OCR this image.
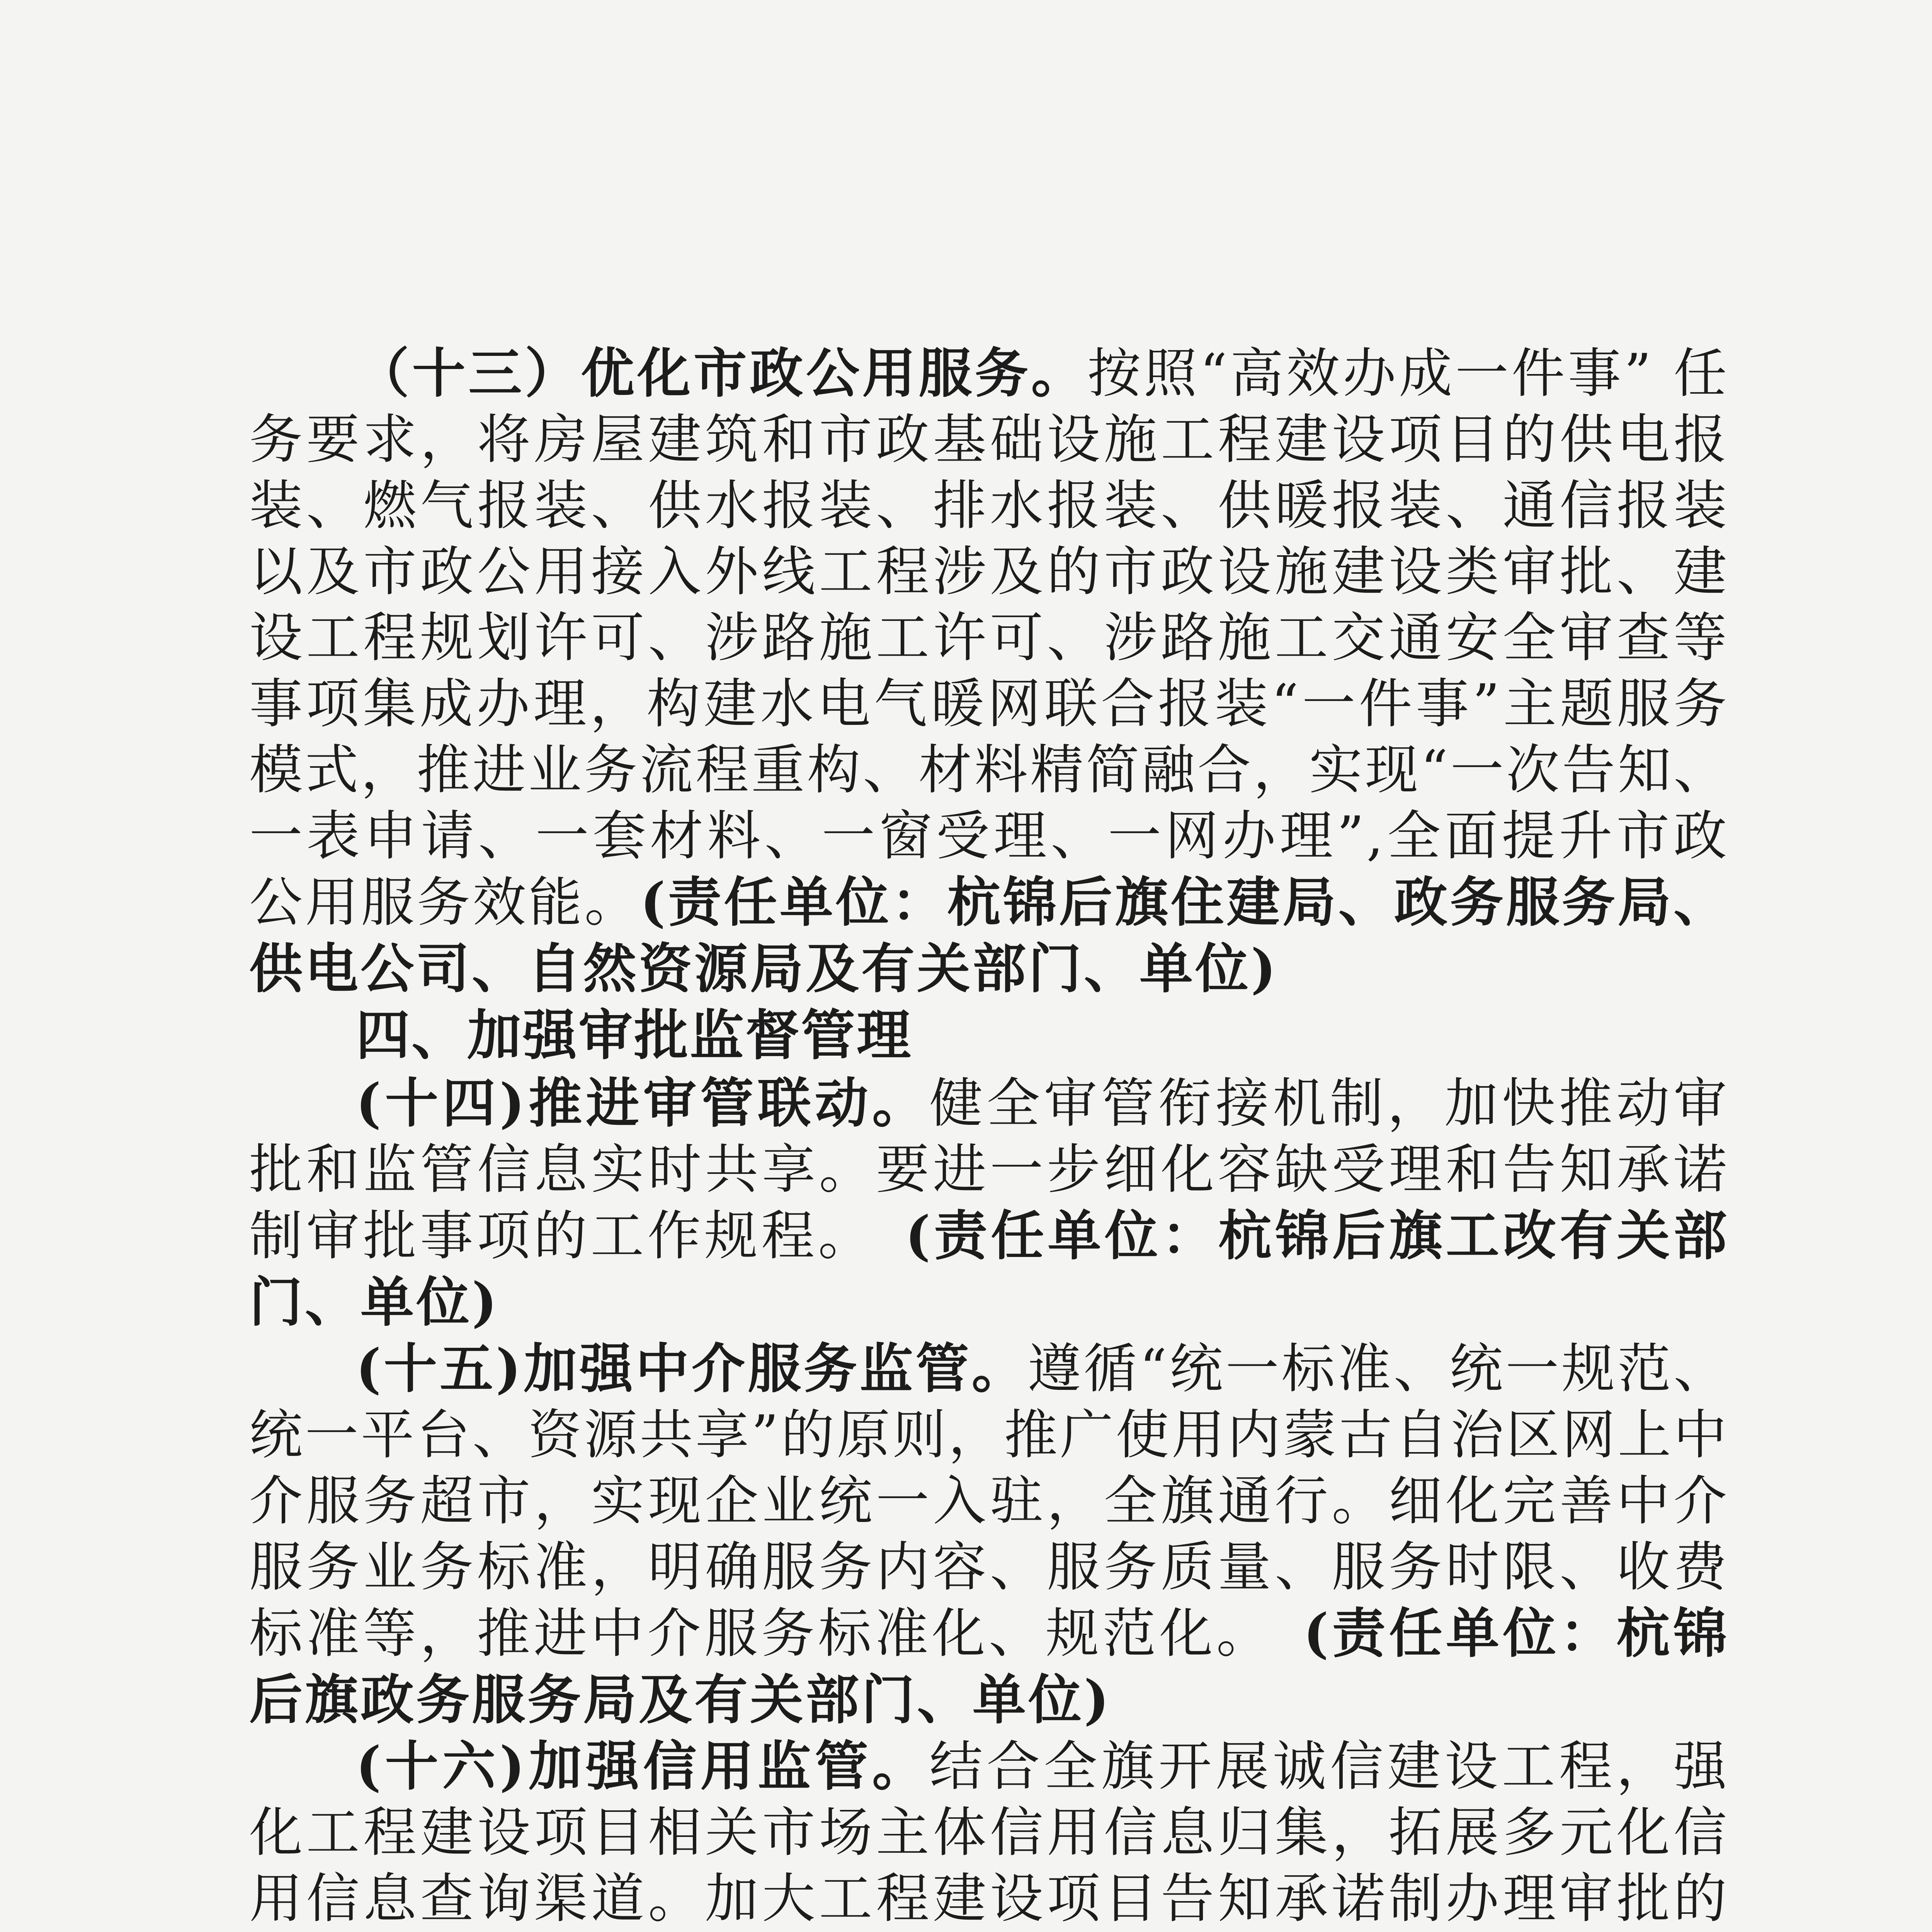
（十三）优化市政公用服务。按照“高效办成一件事” 任务要求，将房屋建筑和市政基础设施工程建设项目的供电报装、燃气报装、供水报装、排水报装、供暖报装、通信报装以及市政公用接入外线工程涉及的市政设施建设类审批、建设工程规划许可、涉路施工许可、涉路施工交通安全审查等事项集成办理，构建水电气暖网联合报装“一件事”主题服务模式，推进业务流程重构、材料精简融合，实现“一次告知、一表申请、一套材料、一窗受理、一网办理”,全面提升市政公用服务效能。(责任单位：杭锦后旗住建局、政务服务局、供电公司、自然资源局及有关部门、单位)

四、加强审批监督管理

(十四)推进审管联动。健全审管衔接机制，加快推动审批和监管信息实时共享。要进一步细化容缺受理和告知承诺制审批事项的工作规程。　 (责任单位：杭锦后旗工改有关部门、单位)

(十五)加强中介服务监管。遵循“统一标准、统一规范、统一平台、资源共享”的原则，推广使用内蒙古自治区网上中介服务超市，实现企业统一入驻，全旗通行。细化完善中介服务业务标准，明确服务内容、服务质量、服务时限、收费标准等，推进中介服务标准化、规范化。　 (责任单位：杭锦后旗政务服务局及有关部门、单位)

(十六)加强信用监管。结合全旗开展诚信建设工程，强化工程建设项目相关市场主体信用信息归集，拓展多元化信用信息查询渠道。加大工程建设项目告知承诺制办理审批的 　
